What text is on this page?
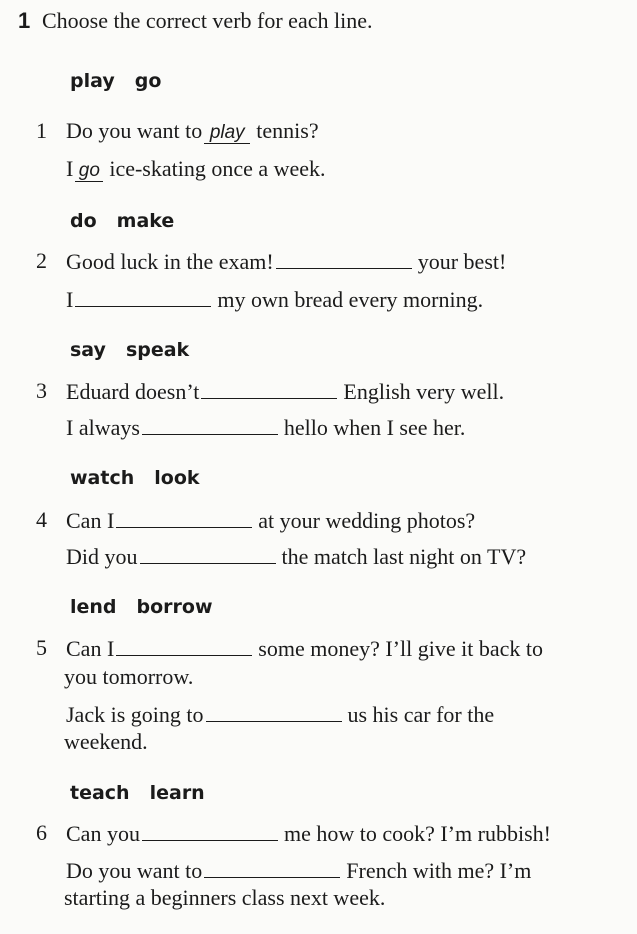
1 Choose the correct verb for each line.
play go
1 Do you want to play tennis?
I go ice-skating once a week.
do make
2 Good luck in the exam!	your best!
I	my own bread every morning.
say speak
3 Eduard doesn’t	English very well.
I always	hello when I see her.
watch look
4 Can I	at your wedding photos?
Did you	the match last night on TV?
lend borrow
5 Can I	some money? I’ll give it back to
you tomorrow.
Jack is going to	us his car for the
weekend.
teach learn
6 Can you	me how to cook? I’m rubbish!
Do you want to	French with me? I’m
starting a beginners class next week.
